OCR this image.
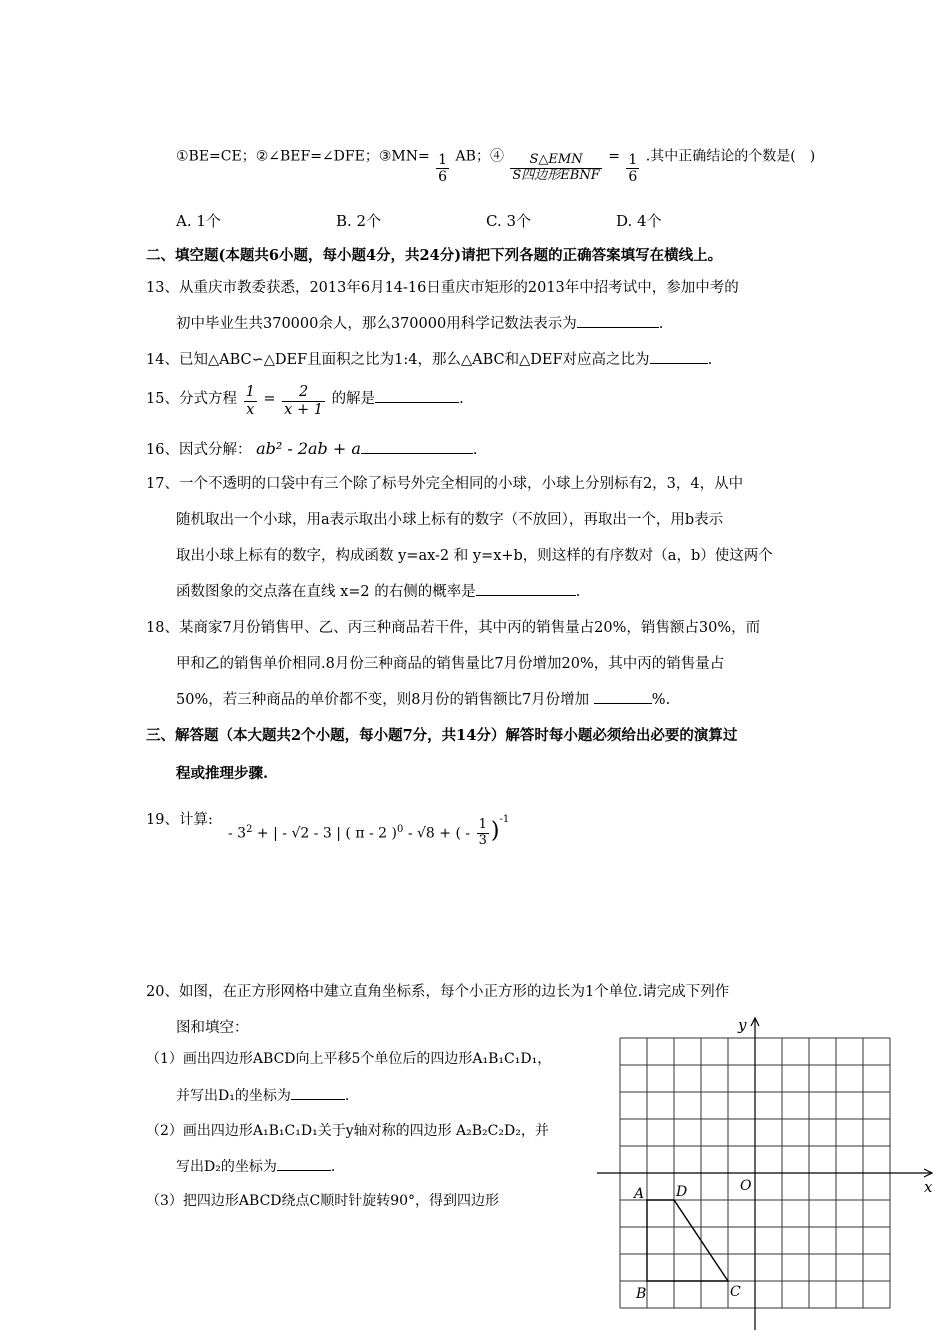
①BE=CE；②∠BEF=∠DFE；③MN= $\frac{1}{6}$ AB；④ $\frac{\text{S△EMN}}{\text{S四边形EBNF}} = \frac{1}{6}$ .其中正确结论的个数是(　)
A. 1个	B. 2个	C. 3个	D. 4个
二、填空题(本题共6小题，每小题4分，共24分)请把下列各题的正确答案填写在横线上。
13、从重庆市教委获悉，2013年6月14-16日重庆市矩形的2013年中招考试中，参加中考的
初中毕业生共370000余人，那么370000用科学记数法表示为	.
14、已知△ABC∽△DEF且面积之比为1:4，那么△ABC和△DEF对应高之比为	.
15、分式方程 $\frac{1}{x} = \frac{2}{x + 1}$ 的解是	.
16、因式分解： ab² - 2ab + a	.
17、一个不透明的口袋中有三个除了标号外完全相同的小球，小球上分别标有2，3，4，从中
随机取出一个小球，用a表示取出小球上标有的数字（不放回），再取出一个，用b表示
取出小球上标有的数字，构成函数 y=ax-2 和 y=x+b，则这样的有序数对（a，b）使这两个
函数图象的交点落在直线 x=2 的右侧的概率是	.
18、某商家7月份销售甲、乙、丙三种商品若干件，其中丙的销售量占20%，销售额占30%，而
甲和乙的销售单价相同.8月份三种商品的销售量比7月份增加20%，其中丙的销售量占
50%，若三种商品的单价都不变，则8月份的销售额比7月份增加	%.
三、解答题（本大题共2个小题，每小题7分，共14分）解答时每小题必须给出必要的演算过
程或推理步骤.
19、计算:
- $3^2$ + | - √2 - 3 | ( π - 2 )$^0$ - √8 + ( - $\frac{1}{3} )^{-1}$
20、如图，在正方形网格中建立直角坐标系，每个小正方形的边长为1个单位.请完成下列作
图和填空：
（1）画出四边形ABCD向上平移5个单位后的四边形A₁B₁C₁D₁，
并写出D₁的坐标为	.
（2）画出四边形A₁B₁C₁D₁关于y轴对称的四边形 A₂B₂C₂D₂，并
写出D₂的坐标为	.
（3）把四边形ABCD绕点C顺时针旋转90°，得到四边形
y
x
O
A D
B	C
